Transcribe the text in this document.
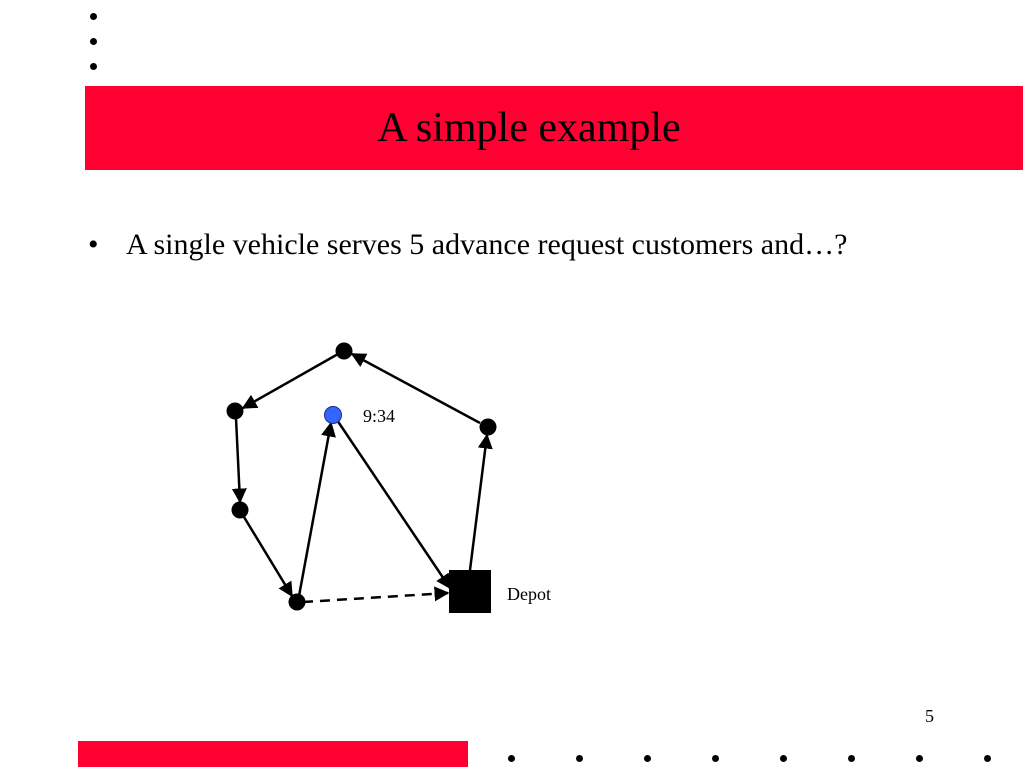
A simple example
• A single vehicle serves 5 advance request customers and…?
9:34
Depot
5
